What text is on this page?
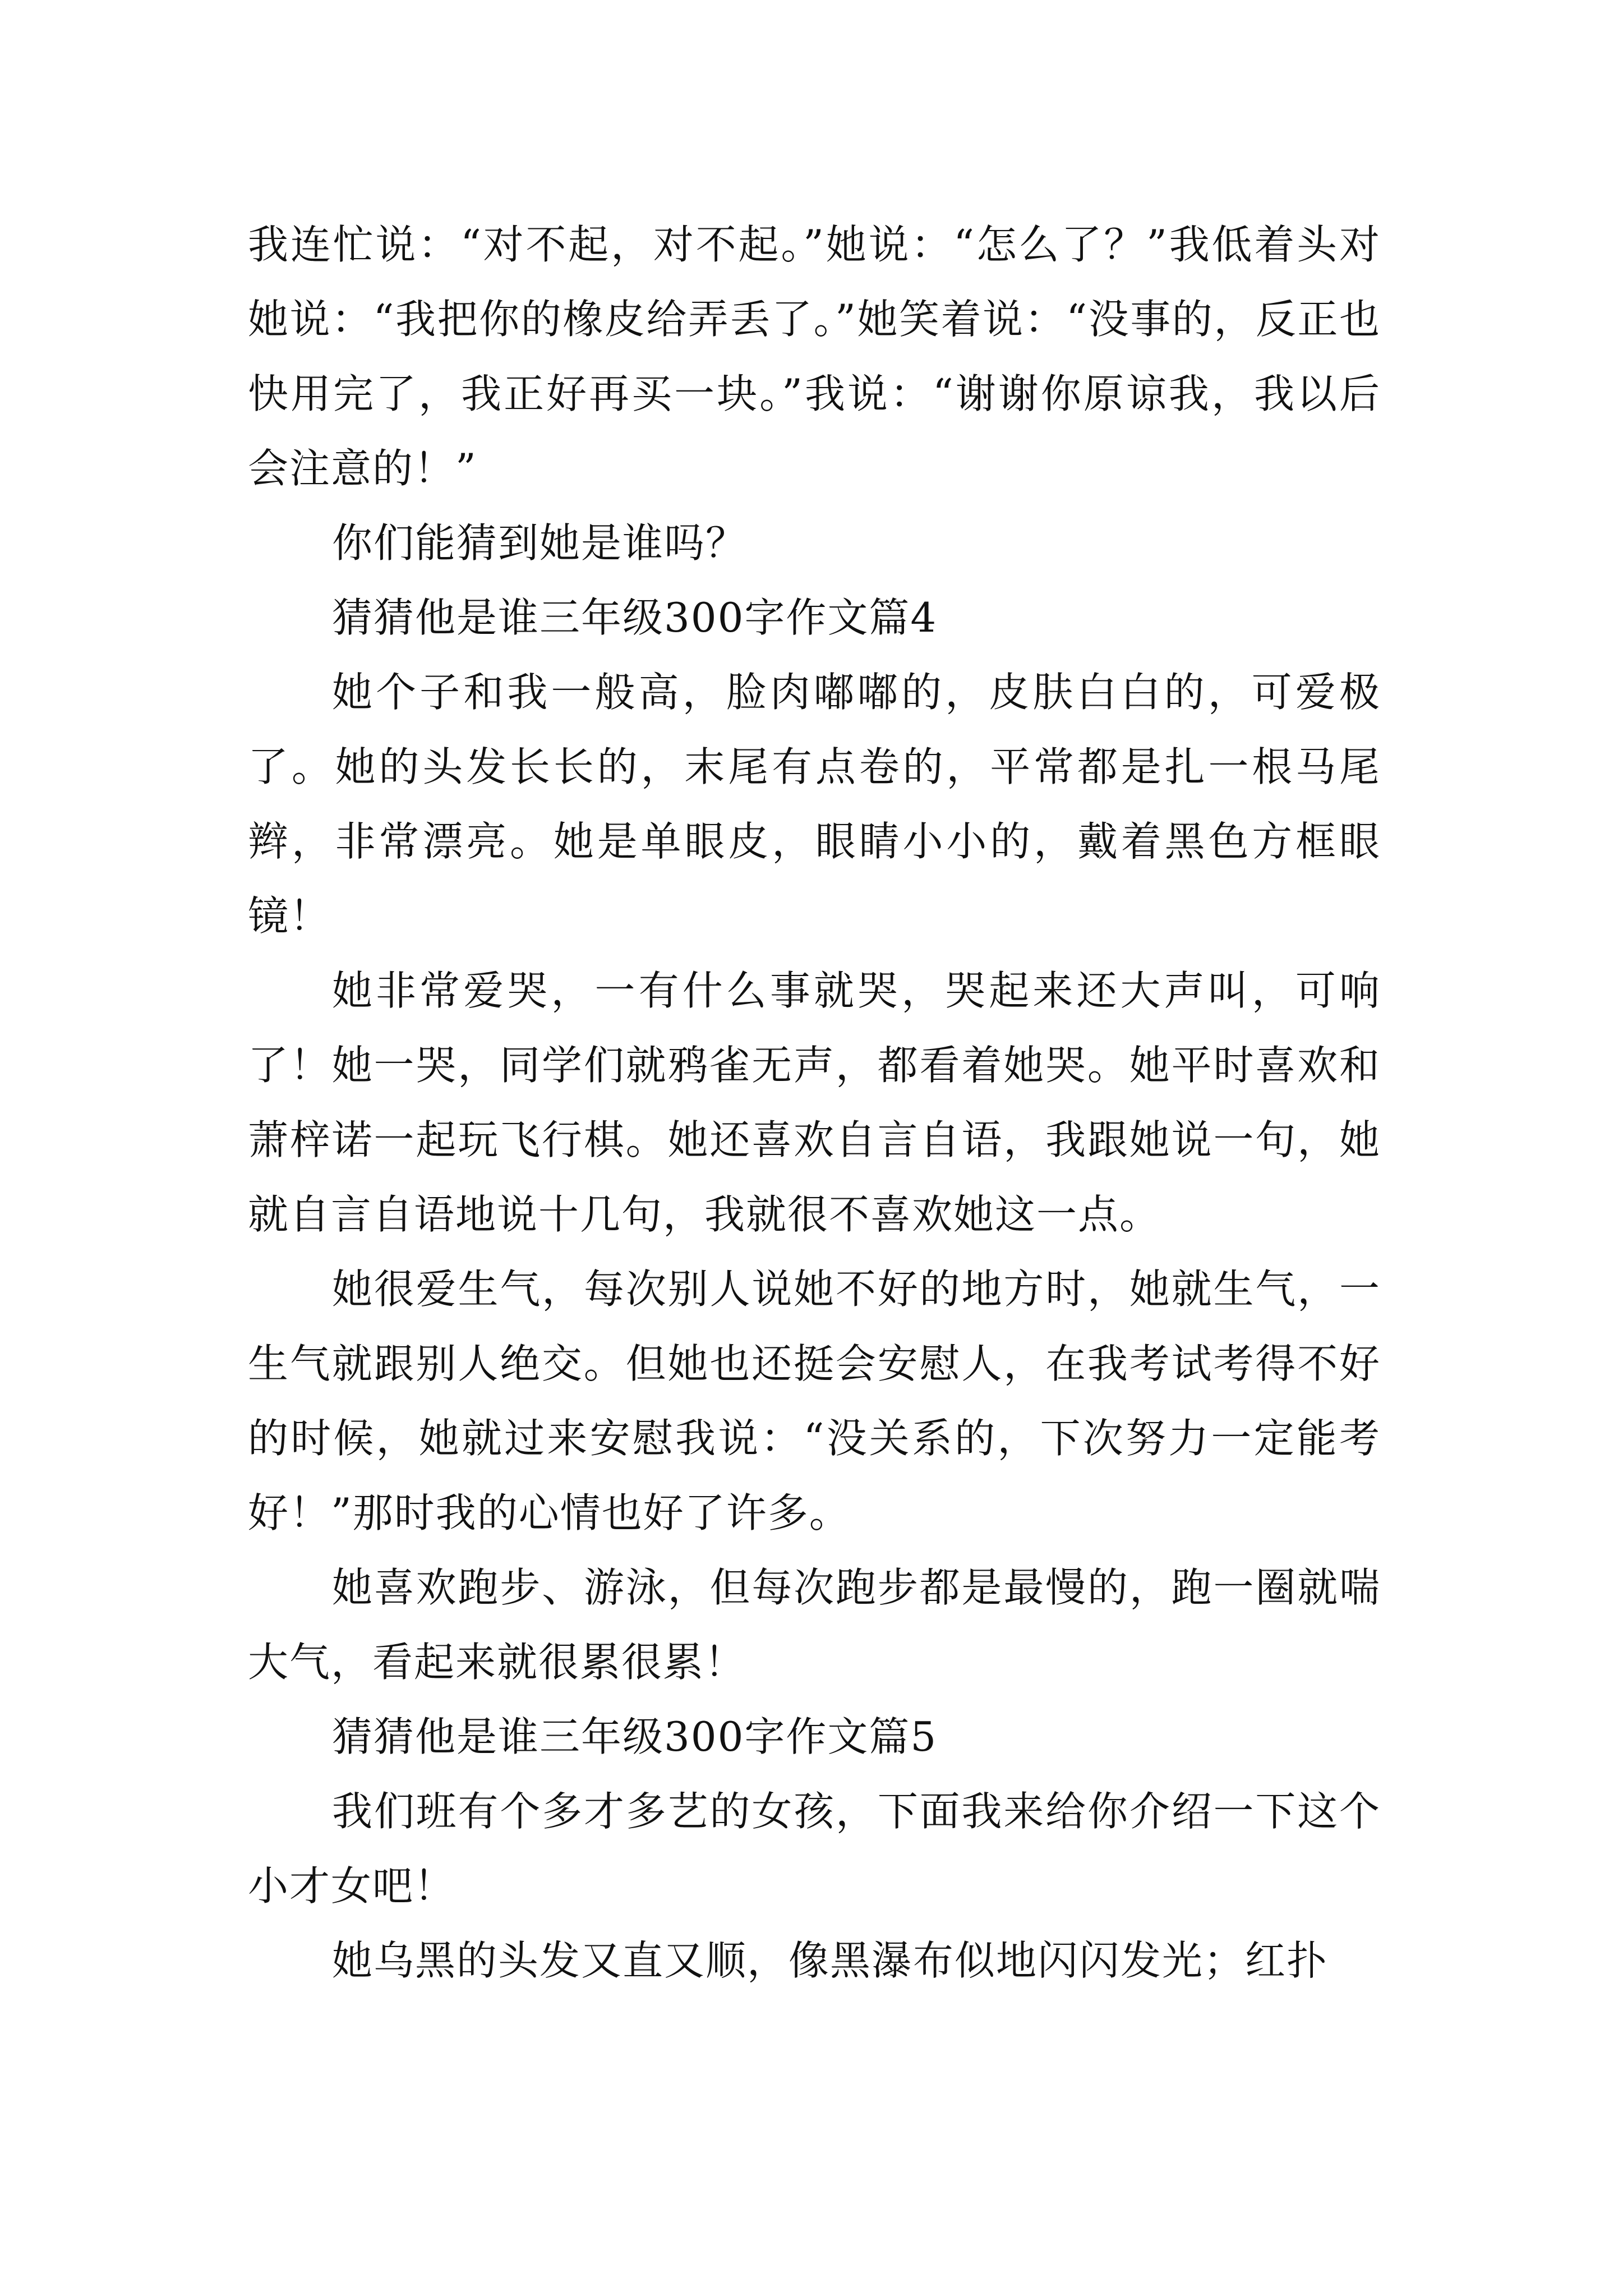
我连忙说：“对不起，对不起。”她说：“怎么了？”我低着头对她说：“我把你的橡皮给弄丢了。”她笑着说：“没事的，反正也快用完了，我正好再买一块。”我说：“谢谢你原谅我，我以后会注意的！”

你们能猜到她是谁吗？

猜猜他是谁三年级300字作文篇4

她个子和我一般高，脸肉嘟嘟的，皮肤白白的，可爱极了。她的头发长长的，末尾有点卷的，平常都是扎一根马尾辫，非常漂亮。她是单眼皮，眼睛小小的，戴着黑色方框眼镜！

她非常爱哭，一有什么事就哭，哭起来还大声叫，可响了！她一哭，同学们就鸦雀无声，都看着她哭。她平时喜欢和萧梓诺一起玩飞行棋。她还喜欢自言自语，我跟她说一句，她就自言自语地说十几句，我就很不喜欢她这一点。

她很爱生气，每次别人说她不好的地方时，她就生气，一生气就跟别人绝交。但她也还挺会安慰人，在我考试考得不好的时候，她就过来安慰我说：“没关系的，下次努力一定能考好！”那时我的心情也好了许多。

她喜欢跑步、游泳，但每次跑步都是最慢的，跑一圈就喘大气，看起来就很累很累！

猜猜他是谁三年级300字作文篇5

我们班有个多才多艺的女孩，下面我来给你介绍一下这个小才女吧！

她乌黑的头发又直又顺，像黑瀑布似地闪闪发光；红扑
